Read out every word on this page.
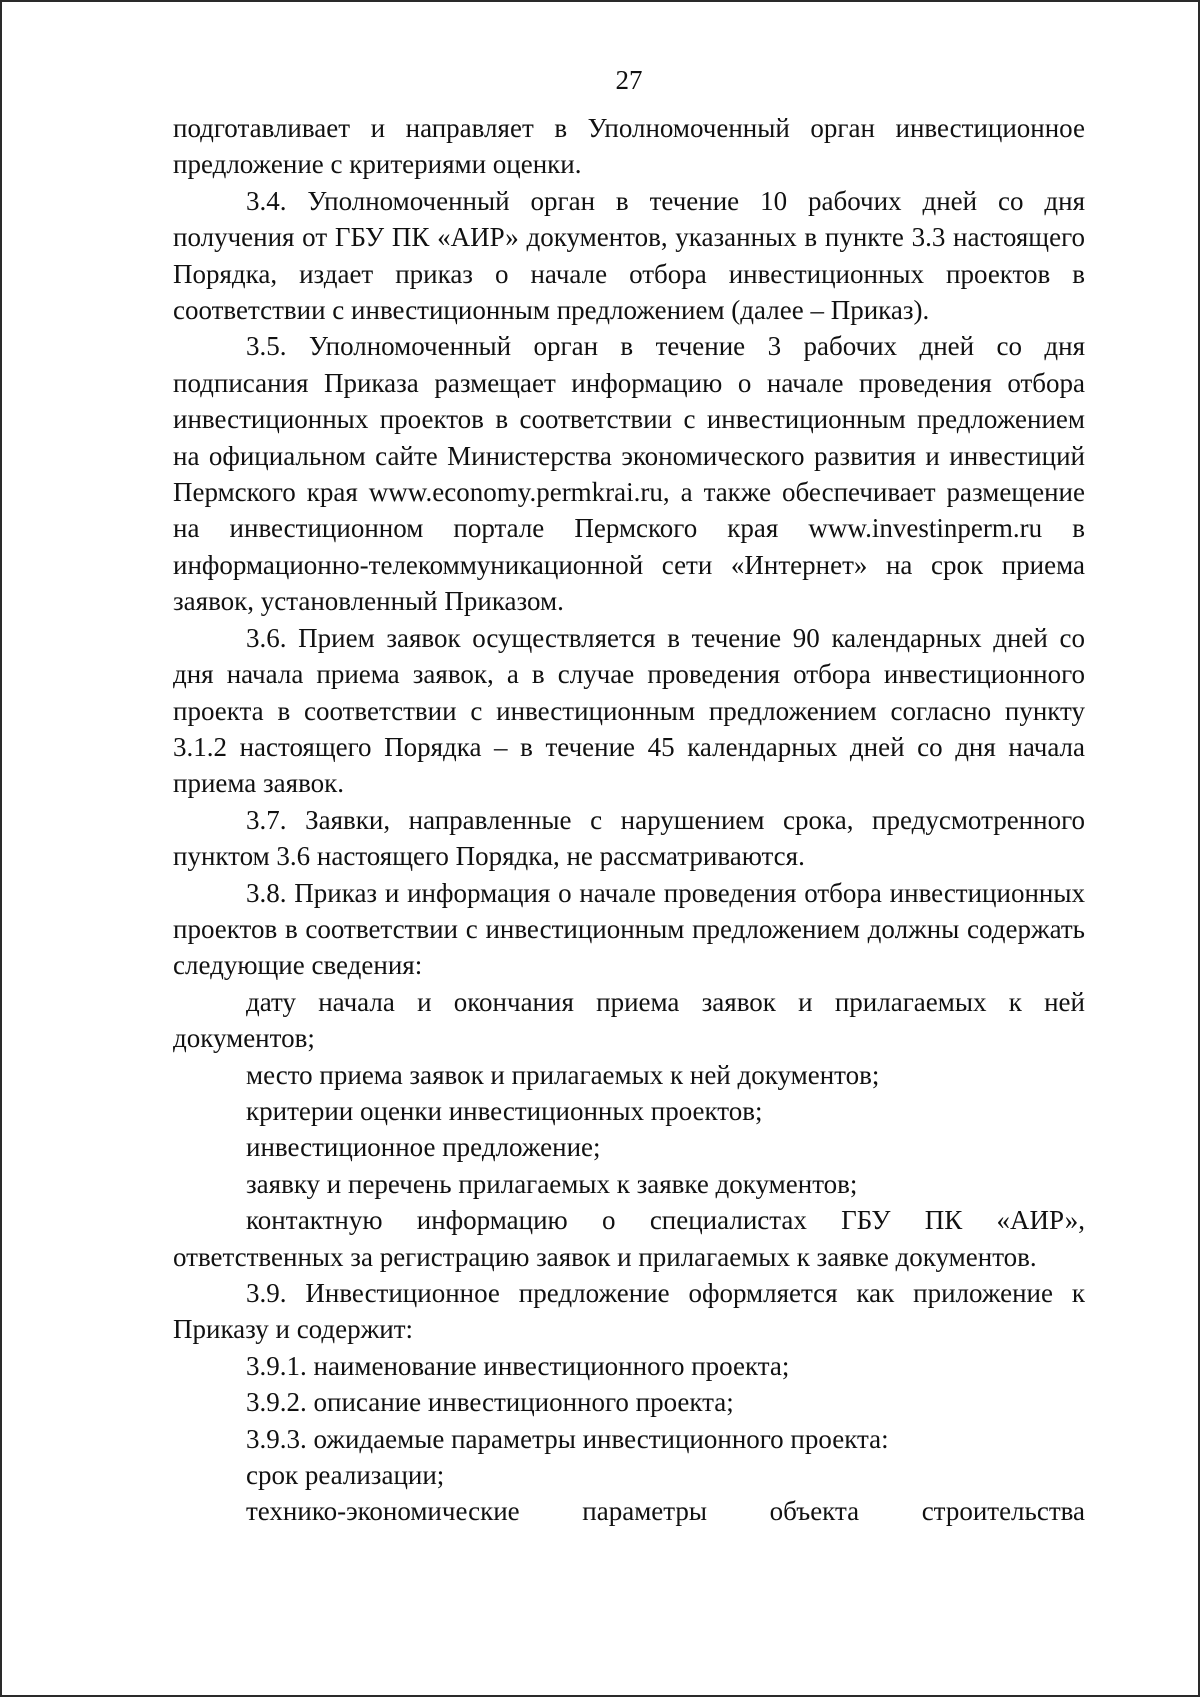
27

подготавливает и направляет в Уполномоченный орган инвестиционное предложение с критериями оценки.

3.4. Уполномоченный орган в течение 10 рабочих дней со дня получения от ГБУ ПК «АИР» документов, указанных в пункте 3.3 настоящего Порядка, издает приказ о начале отбора инвестиционных проектов в соответствии с инвестиционным предложением (далее – Приказ).

3.5. Уполномоченный орган в течение 3 рабочих дней со дня подписания Приказа размещает информацию о начале проведения отбора инвестиционных проектов в соответствии с инвестиционным предложением на официальном сайте Министерства экономического развития и инвестиций Пермского края www.economy.permkrai.ru, а также обеспечивает размещение на инвестиционном портале Пермского края www.investinperm.ru в информационно-телекоммуникационной сети «Интернет» на срок приема заявок, установленный Приказом.

3.6. Прием заявок осуществляется в течение 90 календарных дней со дня начала приема заявок, а в случае проведения отбора инвестиционного проекта в соответствии с инвестиционным предложением согласно пункту 3.1.2 настоящего Порядка – в течение 45 календарных дней со дня начала приема заявок.

3.7. Заявки, направленные с нарушением срока, предусмотренного пунктом 3.6 настоящего Порядка, не рассматриваются.

3.8. Приказ и информация о начале проведения отбора инвестиционных проектов в соответствии с инвестиционным предложением должны содержать следующие сведения:

дату начала и окончания приема заявок и прилагаемых к ней документов;

место приема заявок и прилагаемых к ней документов;

критерии оценки инвестиционных проектов;

инвестиционное предложение;

заявку и перечень прилагаемых к заявке документов;

контактную информацию о специалистах ГБУ ПК «АИР», ответственных за регистрацию заявок и прилагаемых к заявке документов.

3.9. Инвестиционное предложение оформляется как приложение к Приказу и содержит:

3.9.1. наименование инвестиционного проекта;

3.9.2. описание инвестиционного проекта;

3.9.3. ожидаемые параметры инвестиционного проекта:

срок реализации;

технико-экономические параметры объекта строительства
